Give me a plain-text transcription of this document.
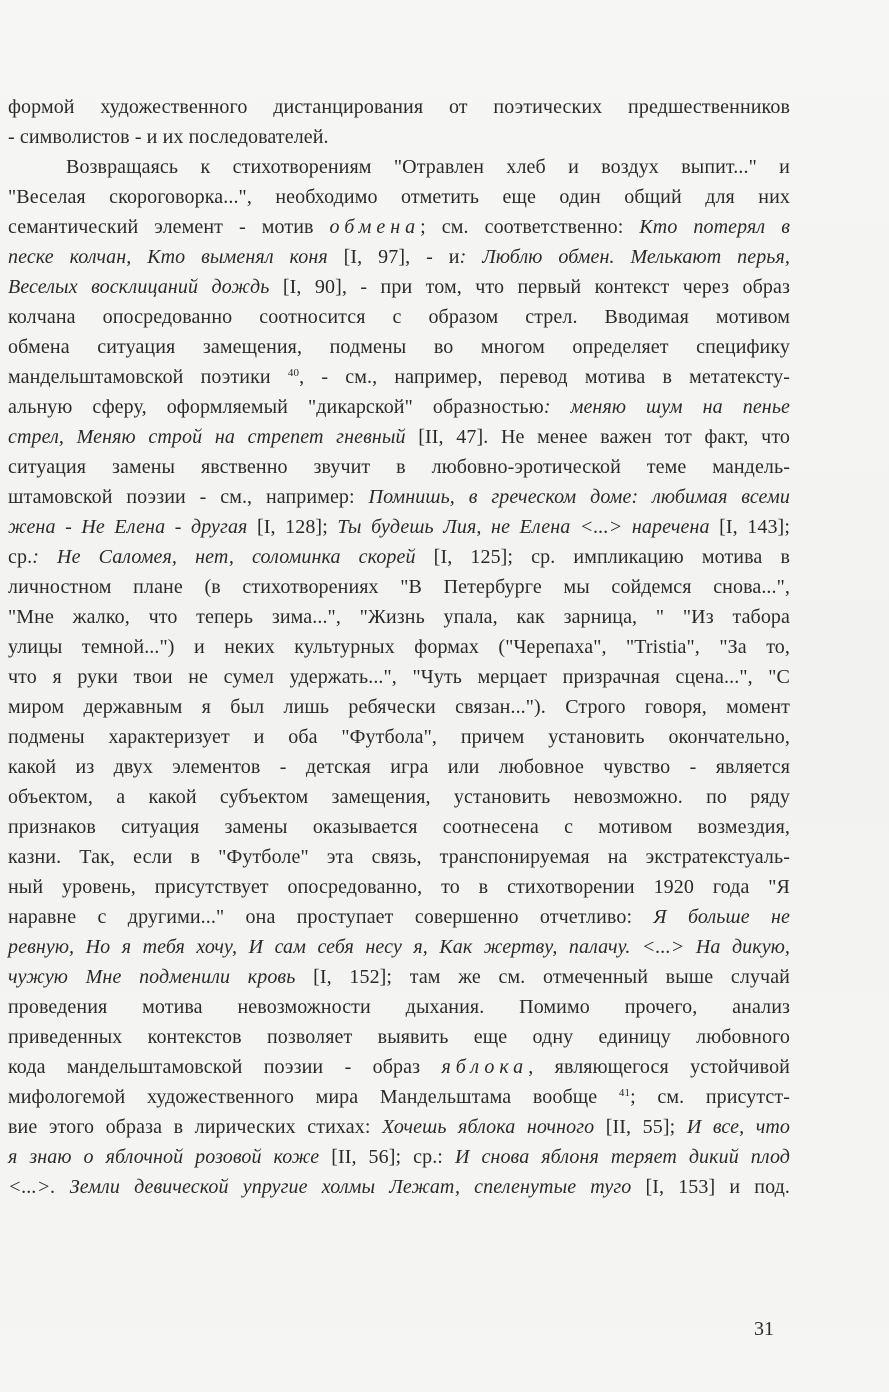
формой художественного дистанцирования от поэтических предшественников
- символистов - и их последователей.
Возвращаясь к стихотворениям "Отравлен хлеб и воздух выпит..." и
"Веселая скороговорка...", необходимо отметить еще один общий для них
семантический элемент - мотив обмена; см. соответственно: Кто потерял в
песке колчан, Кто выменял коня [I, 97], - и: Люблю обмен. Мелькают перья,
Веселых восклицаний дождь [I, 90], - при том, что первый контекст через образ
колчана опосредованно соотносится с образом стрел. Вводимая мотивом
обмена ситуация замещения, подмены во многом определяет специфику
мандельштамовской поэтики $^{40}$, - см., например, перевод мотива в метатексту-
альную сферу, оформляемый "дикарской" образностью: меняю шум на пенье
стрел, Меняю строй на стрепет гневный [II, 47]. Не менее важен тот факт, что
ситуация замены явственно звучит в любовно-эротической теме мандель-
штамовской поэзии - см., например: Помнишь, в греческом доме: любимая всеми
жена - Не Елена - другая [I, 128]; Ты будешь Лия, не Елена <...> наречена [I, 143];
ср.: Не Саломея, нет, соломинка скорей [I, 125]; ср. импликацию мотива в
личностном плане (в стихотворениях "В Петербурге мы сойдемся снова...",
"Мне жалко, что теперь зима...", "Жизнь упала, как зарница, " "Из табора
улицы темной...") и неких культурных формах ("Черепаха", "Tristia", "За то,
что я руки твои не сумел удержать...", "Чуть мерцает призрачная сцена...", "С
миром державным я был лишь ребячески связан..."). Строго говоря, момент
подмены характеризует и оба "Футбола", причем установить окончательно,
какой из двух элементов - детская игра или любовное чувство - является
объектом, а какой субъектом замещения, установить невозможно. по ряду
признаков ситуация замены оказывается соотнесена с мотивом возмездия,
казни. Так, если в "Футболе" эта связь, транспонируемая на экстратекстуаль-
ный уровень, присутствует опосредованно, то в стихотворении 1920 года "Я
наравне с другими..." она проступает совершенно отчетливо: Я больше не
ревную, Но я тебя хочу, И сам себя несу я, Как жертву, палачу. <...> На дикую,
чужую Мне подменили кровь [I, 152]; там же см. отмеченный выше случай
проведения мотива невозможности дыхания. Помимо прочего, анализ
приведенных контекстов позволяет выявить еще одну единицу любовного
кода мандельштамовской поэзии - образ яблока, являющегося устойчивой
мифологемой художественного мира Мандельштама вообще $^{41}$; см. присутст-
вие этого образа в лирических стихах: Хочешь яблока ночного [II, 55]; И все, что
я знаю о яблочной розовой коже [II, 56]; ср.: И снова яблоня теряет дикий плод
<...>. Земли девической упругие холмы Лежат, спеленутые туго [I, 153] и под.
31
